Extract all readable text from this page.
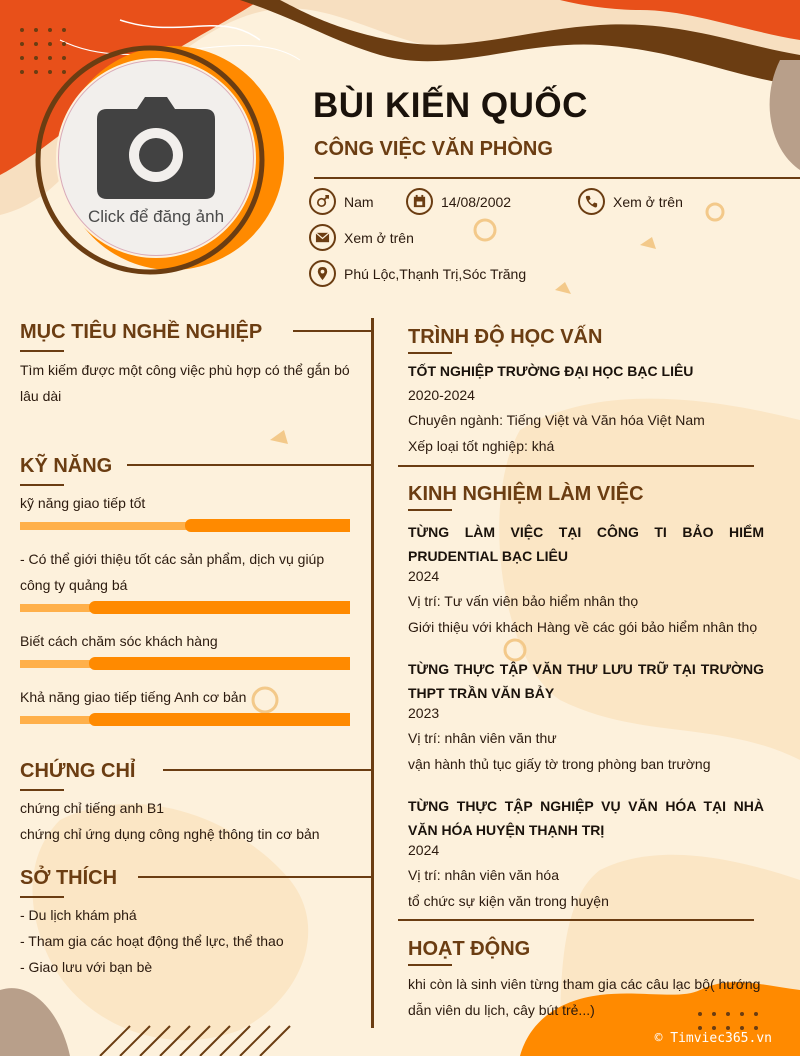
Click để đăng ảnh
BÙI KIẾN QUỐC
CÔNG VIỆC VĂN PHÒNG
Nam	14/08/2002	Xem ở trên
Xem ở trên
Phú Lộc,Thạnh Trị,Sóc Trăng
MỤC TIÊU NGHỀ NGHIỆP
Tìm kiếm được một công việc phù hợp có thể gắn bó lâu dài
KỸ NĂNG
kỹ năng giao tiếp tốt
- Có thể giới thiệu tốt các sản phẩm, dịch vụ giúp công ty quảng bá
Biết cách chăm sóc khách hàng
Khả năng giao tiếp tiếng Anh cơ bản
CHỨNG CHỈ
chứng chỉ tiếng anh B1
chứng chỉ ứng dụng công nghệ thông tin cơ bản
SỞ THÍCH
- Du lịch khám phá
- Tham gia các hoạt động thể lực, thể thao
- Giao lưu với bạn bè
TRÌNH ĐỘ HỌC VẤN
TỐT NGHIỆP TRƯỜNG ĐẠI HỌC BẠC LIÊU
2020-2024
Chuyên ngành: Tiếng Việt và Văn hóa Việt Nam
Xếp loại tốt nghiệp: khá
KINH NGHIỆM LÀM VIỆC
TỪNG LÀM VIỆC TẠI CÔNG TI BẢO HIỂM PRUDENTIAL BẠC LIÊU
2024
Vị trí: Tư vấn viên bảo hiểm nhân thọ
Giới thiệu với khách Hàng về các gói bảo hiểm nhân thọ
TỪNG THỰC TẬP VĂN THƯ LƯU TRỮ TẠI TRƯỜNG THPT TRẦN VĂN BẢY
2023
Vị trí: nhân viên văn thư
vận hành thủ tục giấy tờ trong phòng ban trường
TỪNG THỰC TẬP NGHIỆP VỤ VĂN HÓA TẠI NHÀ VĂN HÓA HUYỆN THẠNH TRỊ
2024
Vị trí: nhân viên văn hóa
tổ chức sự kiện văn trong huyện
HOẠT ĐỘNG
khi còn là sinh viên từng tham gia các câu lạc bộ( hướng dẫn viên du lịch, cây bút trẻ...)
© Timviec365.vn
